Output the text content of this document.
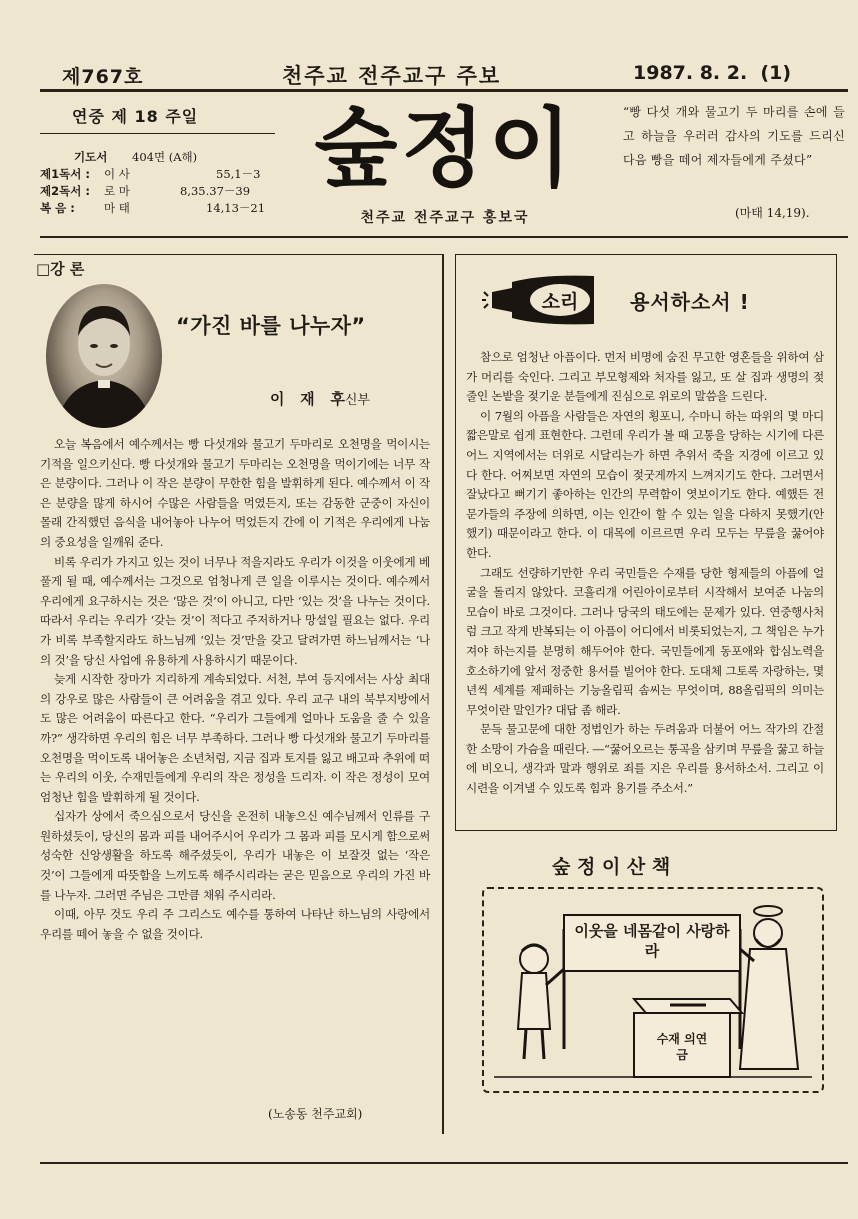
제767호	천주교 전주교구 주보	1987. 8. 2.  (1)
연중 제 18 주일
기도서	404면 (A해)
제1독서 :	이 사	55,1－3
제2독서 :	로 마	8,35.37－39
복 음 :	마 태	14,13－21
숲정이
천주교 전주교구 홍보국
“빵 다섯 개와 물고기 두 마리를 손에 들고 하늘을 우러러 감사의 기도를 드리신 다음 빵을 떼어 제자들에게 주셨다”
(마태 14,19).
□강 론
“가진 바를 나누자”
이   재   후신부

오늘 복음에서 예수께서는 빵 다섯개와 물고기 두마리로 오천명을 먹이시는 기적을 일으키신다. 빵 다섯개와 물고기 두마리는 오천명을 먹이기에는 너무 작은 분량이다. 그러나 이 작은 분량이 무한한 힘을 발휘하게 된다. 예수께서 이 작은 분량을 많게 하시어 수많은 사람들을 먹였든지, 또는 감동한 군중이 자신이 몰래 간직했던 음식을 내어놓아 나누어 먹었든지 간에 이 기적은 우리에게 나눔의 중요성을 일깨워 준다.

비록 우리가 가지고 있는 것이 너무나 적을지라도 우리가 이것을 이웃에게 베풀게 될 때, 예수께서는 그것으로 엄청나게 큰 일을 이루시는 것이다. 예수께서 우리에게 요구하시는 것은 ‘많은 것’이 아니고, 다만 ‘있는 것’을 나누는 것이다. 따라서 우리는 우리가 ‘갖는 것’이 적다고 주저하거나 망설일 필요는 없다. 우리가 비록 부족할지라도 하느님께 ‘있는 것’만을 갖고 달려가면 하느님께서는 ‘나의 것’을 당신 사업에 유용하게 사용하시기 때문이다.

늦게 시작한 장마가 지리하게 계속되었다. 서천, 부여 등지에서는 사상 최대의 강우로 많은 사람들이 큰 어려움을 겪고 있다. 우리 교구 내의 북부지방에서도 많은 어려움이 따른다고 한다. “우리가 그들에게 얼마나 도움을 줄 수 있을까?” 생각하면 우리의 힘은 너무 부족하다. 그러나 빵 다섯개와 물고기 두마리를 오천명을 먹이도록 내어놓은 소년처럼, 지금 집과 토지를 잃고 배고파 추위에 떠는 우리의 이웃, 수재민들에게 우리의 작은 정성을 드리자. 이 작은 정성이 모여 엄청난 힘을 발휘하게 될 것이다.

십자가 상에서 죽으심으로서 당신을 온전히 내놓으신 예수님께서 인류를 구원하셨듯이, 당신의 몸과 피를 내어주시어 우리가 그 몸과 피를 모시게 함으로써 성숙한 신앙생활을 하도록 해주셨듯이, 우리가 내놓은 이 보잘것 없는 ‘작은 것’이 그들에게 따뜻함을 느끼도록 해주시리라는 굳은 믿음으로 우리의 가진 바를 나누자. 그러면 주님은 그만큼 채워 주시리라.

이때, 아무 것도 우리 주 그리스도 예수를 통하여 나타난 하느님의 사랑에서 우리를 떼어 놓을 수 없을 것이다.

(노송동 천주교회)
소리	용서하소서 !

참으로 엄청난 아픔이다. 먼저 비명에 숨진 무고한 영혼들을 위하여 삼가 머리를 숙인다. 그리고 부모형제와 처자를 잃고, 또 살 집과 생명의 젖줄인 논밭을 젖기운 분들에게 진심으로 위로의 말씀을 드린다.

이 7월의 아픔을 사람들은 자연의 횡포니, 수마니 하는 따위의 몇 마디 짧은말로 쉽게 표현한다. 그런데 우리가 볼 때 고통을 당하는 시기에 다른 어느 지역에서는 더위로 시달리는가 하면 추위서 죽을 지경에 이르고 있다 한다. 어찌보면 자연의 모습이 젖굿게까지 느껴지기도 한다. 그러면서 잘났다고 뻐기기 좋아하는 인간의 무력함이 엿보이기도 한다. 예했든 전문가들의 주장에 의하면, 이는 인간이 할 수 있는 일을 다하지 못했기(안했기) 때문이라고 한다. 이 대목에 이르르면 우리 모두는 무릎을 꿇어야 한다.

그래도 선량하기만한 우리 국민들은 수재를 당한 형제들의 아픔에 얼굴을 돌리지 않았다. 코흘리개 어린아이로부터 시작해서 보여준 나눔의 모습이 바로 그것이다. 그러나 당국의 태도에는 문제가 있다. 연중행사처럼 크고 작게 반복되는 이 아픔이 어디에서 비롯되었는지, 그 책임은 누가 져야 하는지를 분명히 해두어야 한다. 국민들에게 동포애와 합심노력을 호소하기에 앞서 정중한 용서를 빌어야 한다. 도대체 그토록 자랑하는, 몇 년씩 세계를 제패하는 기능올림픽 솜씨는 무엇이며, 88올림픽의 의미는 무엇이란 말인가? 대답 좀 해라.

문득 물고문에 대한 정법인가 하는 두려움과 더불어 어느 작가의 간절한 소망이 가슴을 때린다. ―“꿇어오르는 통곡을 삼키며 무릎을 꿇고 하늘에 비오니, 생각과 말과 행위로 죄를 지은 우리를 용서하소서. 그리고 이 시련을 이겨낼 수 있도록 힘과 용기를 주소서.”

숲 정 이 산 책
이웃을 네몸같이 사랑하라
수재 의연금
